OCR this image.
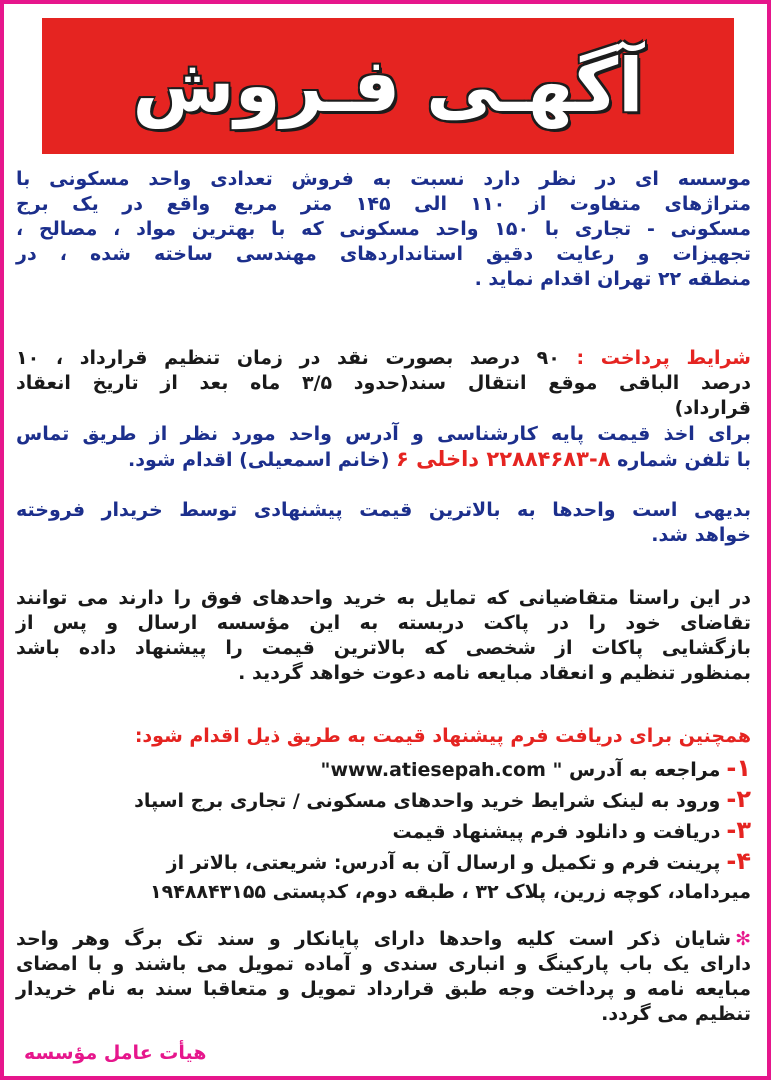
آگهـی فـروش
موسسه ای در نظر دارد نسبت به فروش تعدادی واحد مسکونی با
متراژهای متفاوت از ۱۱۰ الی ۱۴۵ متر مربع واقع در یک برج
مسکونی - تجاری با ۱۵۰ واحد مسکونی که با بهترین مواد ، مصالح ،
تجهیزات و رعایت دقیق استانداردهای مهندسی ساخته شده ، در
منطقه ۲۲ تهران اقدام نماید .
شرایط پرداخت : ۹۰ درصد بصورت نقد در زمان تنظیم قرارداد ، ۱۰
درصد الباقی موقع انتقال سند(حدود ۳/۵ ماه بعد از تاریخ انعقاد
قرارداد)
برای اخذ قیمت پایه کارشناسی و آدرس واحد مورد نظر از طریق تماس
با تلفن شماره ۸-۲۲۸۸۴۶۸۳ داخلی ۶ (خانم اسمعیلی) اقدام شود.
بدیهی است واحدها به بالاترین قیمت پیشنهادی توسط خریدار فروخته
خواهد شد.
در این راستا متقاضیانی که تمایل به خرید واحدهای فوق را دارند می توانند
تقاضای خود را در پاکت دربسته به این مؤسسه ارسال و پس از
بازگشایی پاکات از شخصی که بالاترین قیمت را پیشنهاد داده باشد
بمنظور تنظیم و انعقاد مبایعه نامه دعوت خواهد گردید .
همچنین برای دریافت فرم پیشنهاد قیمت به طریق ذیل اقدام شود:
۱-
مراجعه به آدرس " www.atiesepah.com"
۲-
ورود به لینک شرایط خرید واحدهای مسکونی / تجاری برج اسپاد
۳-
دریافت و دانلود فرم پیشنهاد قیمت
۴-
پرینت فرم و تکمیل و ارسال آن به آدرس: شریعتی، بالاتر از
میرداماد، کوچه زرین، پلاک ۳۲ ، طبقه دوم، کدپستی ۱۹۴۸۸۴۳۱۵۵
✻شایان ذکر است کلیه واحدها دارای پایانکار و سند تک برگ وهر واحد
دارای یک باب پارکینگ و انباری سندی و آماده تمویل می باشند و با امضای
مبایعه نامه و پرداخت وجه طبق قرارداد تمویل و متعاقبا سند به نام خریدار
تنظیم می گردد.
هیأت عامل مؤسسه
